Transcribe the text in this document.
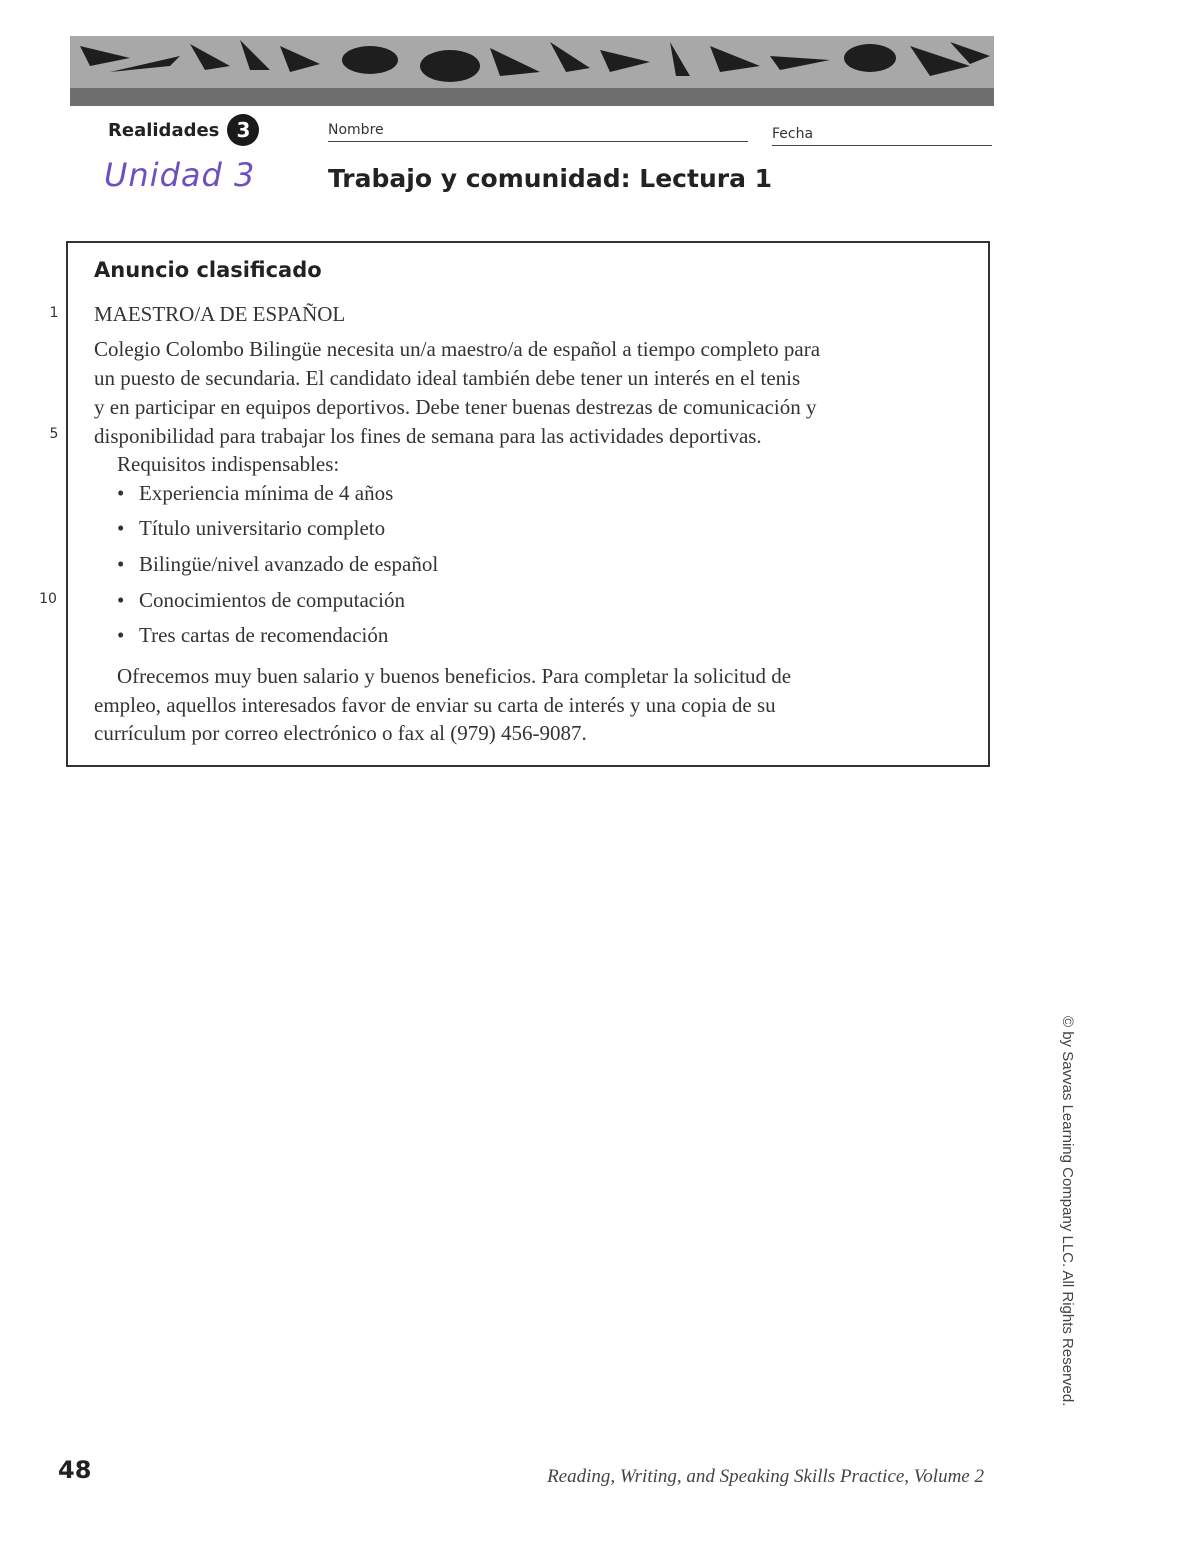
Realidades 3	Nombre	Fecha
Unidad 3	Trabajo y comunidad: Lectura 1
Anuncio clasificado
MAESTRO/A DE ESPAÑOL
Colegio Colombo Bilingüe necesita un/a maestro/a de español a tiempo completo para
un puesto de secundaria. El candidato ideal también debe tener un interés en el tenis
y en participar en equipos deportivos. Debe tener buenas destrezas de comunicación y
disponibilidad para trabajar los fines de semana para las actividades deportivas.
Requisitos indispensables:
• Experiencia mínima de 4 años
• Título universitario completo
• Bilingüe/nivel avanzado de español
• Conocimientos de computación
• Tres cartas de recomendación
Ofrecemos muy buen salario y buenos beneficios. Para completar la solicitud de
empleo, aquellos interesados favor de enviar su carta de interés y una copia de su
currículum por correo electrónico o fax al (979) 456-9087.
1
5
10
© by Savvas Learning Company LLC. All Rights Reserved.
48	Reading, Writing, and Speaking Skills Practice, Volume 2
